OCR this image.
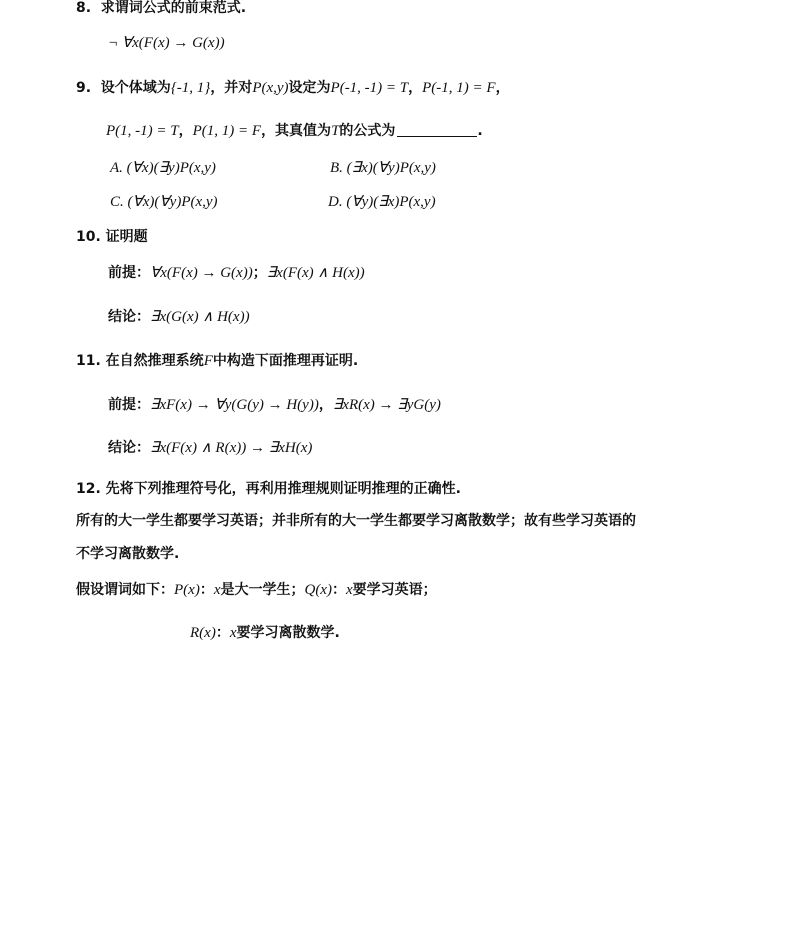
8.  求谓词公式的前束范式.
¬ ∀x(F(x) → G(x))
9.  设个体域为{-1, 1}，并对P(x,y)设定为P(-1, -1) = T，P(-1, 1) = F，
P(1, -1) = T，P(1, 1) = F，其真值为T的公式为	.
A. (∀x)(∃y)P(x,y)	B. (∃x)(∀y)P(x,y)
C. (∀x)(∀y)P(x,y)	D. (∀y)(∃x)P(x,y)
10. 证明题
前提：∀x(F(x) → G(x))；∃x(F(x) ∧ H(x))
结论：∃x(G(x) ∧ H(x))
11. 在自然推理系统F中构造下面推理再证明.
前提：∃xF(x) → ∀y(G(y) → H(y))，∃xR(x) → ∃yG(y)
结论：∃x(F(x) ∧ R(x)) → ∃xH(x)
12. 先将下列推理符号化，再利用推理规则证明推理的正确性.
所有的大一学生都要学习英语；并非所有的大一学生都要学习离散数学；故有些学习英语的
不学习离散数学.
假设谓词如下：P(x)：x是大一学生；Q(x)：x要学习英语；
R(x)：x要学习离散数学.
